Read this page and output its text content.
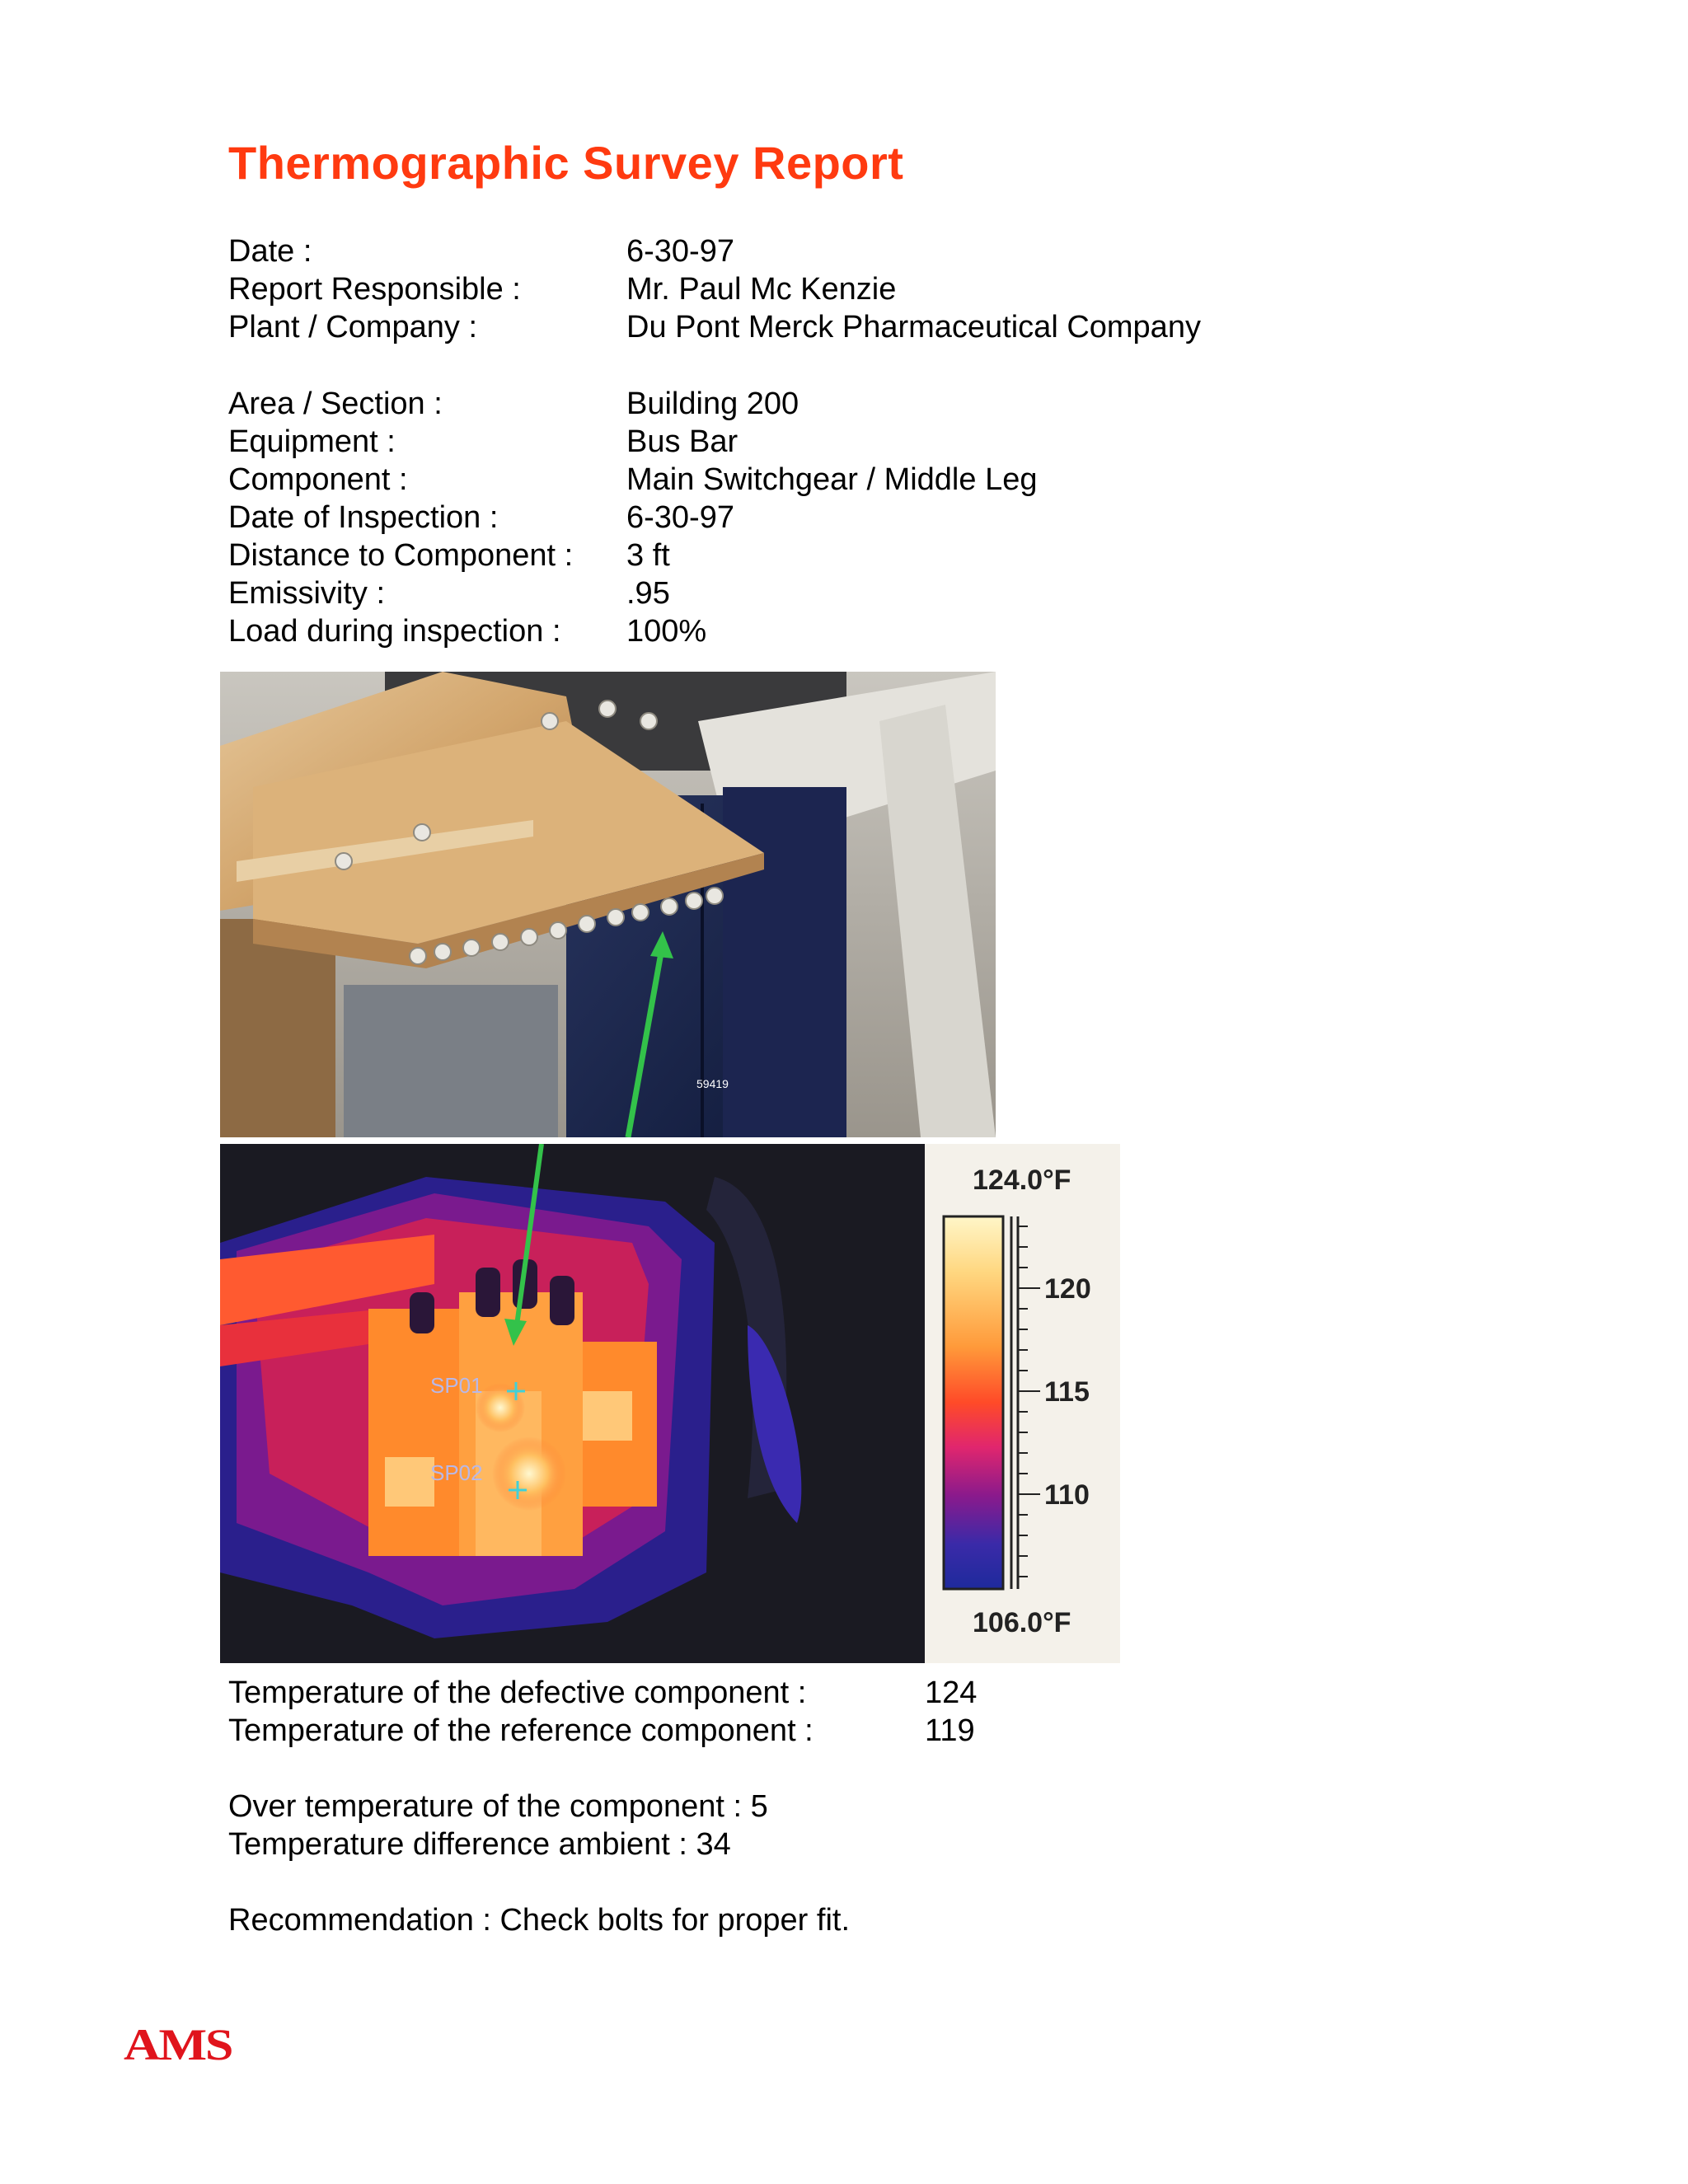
Thermographic Survey Report
Date :	6-30-97
Report Responsible :	Mr. Paul Mc Kenzie
Plant / Company :	Du Pont Merck Pharmaceutical Company
Area / Section :	Building 200
Equipment :	Bus Bar
Component :	Main Switchgear / Middle Leg
Date of Inspection :	6-30-97
Distance to Component : 3 ft
Emissivity :	.95
Load during inspection : 100%
59419
SP01
SP02
124.0°F
120
115
110
106.0°F
Temperature of the defective component :	124
Temperature of the reference component :	119
Over temperature of the component : 5
Temperature difference ambient : 34
Recommendation : Check bolts for proper fit.
AMS
